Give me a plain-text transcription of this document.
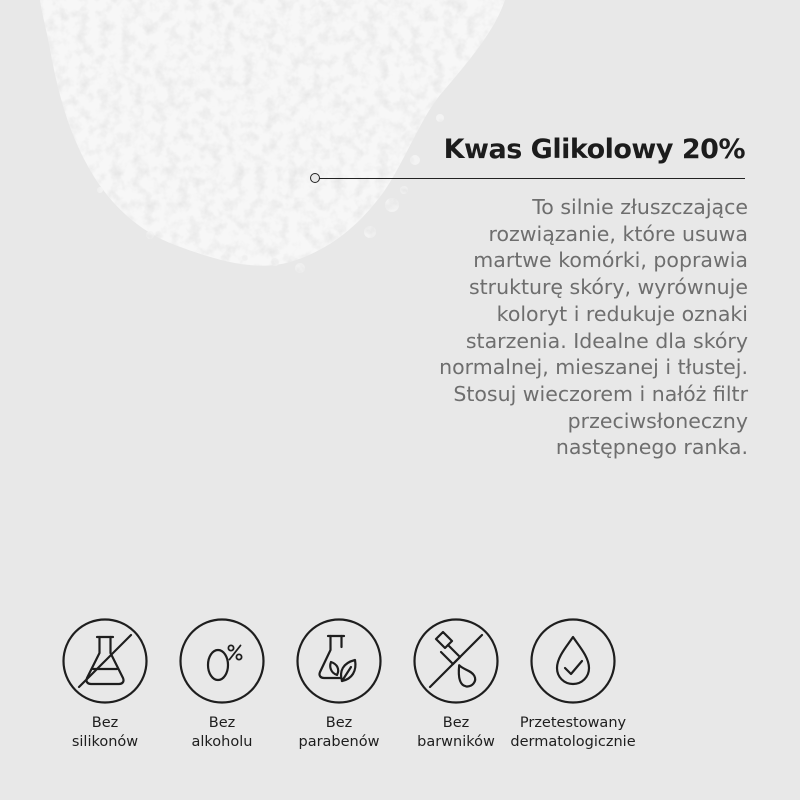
Kwas Glikolowy 20%
To silnie złuszczające
rozwiązanie, które usuwa
martwe komórki, poprawia
strukturę skóry, wyrównuje
koloryt i redukuje oznaki
starzenia. Idealne dla skóry
normalnej, mieszanej i tłustej.
Stosuj wieczorem i nałóż filtr
przeciwsłoneczny
następnego ranka.
Bez
silikonów
Bez
alkoholu
Bez
parabenów
Bez
barwników
Przetestowany
dermatologicznie
